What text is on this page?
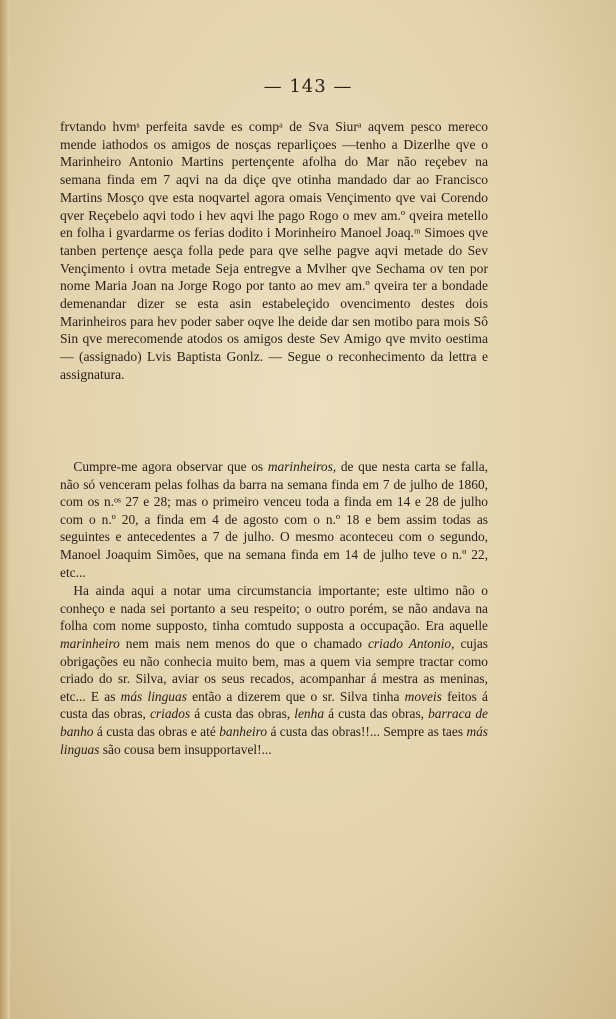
— 143 —

frvtando hvmˢ perfeita savde es compᵃ de Sva Siurᵃ aqvem pesco mereco mende iathodos os amigos de nosças reparliçoes —tenho a Dizerlhe qve o Marinheiro Antonio Martins pertençente afolha do Mar não reçebev na semana finda em 7 aqvi na da diçe qve otinha mandado dar ao Francisco Martins Mosço qve esta noqvartel agora omais Vençimento qve vai Corendo qver Reçebelo aqvi todo i hev aqvi lhe pago Rogo o mev am.º qveira metello en folha i gvardarme os ferias dodito i Morinheiro Manoel Joaq.ᵐ Simoes qve tanben pertençe aesça folla pede para qve selhe pagve aqvi metade do Sev Vençimento i ovtra metade Seja entregve a Mvlher qve Sechama ov ten por nome Maria Joan na Jorge Rogo por tanto ao mev am.º qveira ter a bondade demenandar dizer se esta asin estabeleçido ovencimento destes dois Marinheiros para hev poder saber oqve lhe deide dar sen motibo para mois Sô Sin qve merecomende atodos os amigos deste Sev Amigo qve mvito oestima — (assignado) Lvis Baptista Gonlz. — Segue o reconhecimento da lettra e assignatura.

 Cumpre-me agora observar que os marinheiros, de que nesta carta se falla, não só venceram pelas folhas da barra na semana finda em 7 de julho de 1860, com os n.ᵒˢ 27 e 28; mas o primeiro venceu toda a finda em 14 e 28 de julho com o n.º 20, a finda em 4 de agosto com o n.º 18 e bem assim todas as seguintes e antecedentes a 7 de julho. O mesmo aconteceu com o segundo, Manoel Joaquim Simões, que na semana finda em 14 de julho teve o n.º 22, etc...

 Ha ainda aqui a notar uma circumstancia importante; este ultimo não o conheço e nada sei portanto a seu respeito; o outro porém, se não andava na folha com nome supposto, tinha comtudo supposta a occupação. Era aquelle marinheiro nem mais nem menos do que o chamado criado Antonio, cujas obrigações eu não conhecia muito bem, mas a quem via sempre tractar como criado do sr. Silva, aviar os seus recados, acompanhar á mestra as meninas, etc... E as más linguas então a dizerem que o sr. Silva tinha moveis feitos á custa das obras, criados á custa das obras, lenha á custa das obras, barraca de banho á custa das obras e até banheiro á custa das obras!!... Sempre as taes más linguas são cousa bem insupportavel!...
